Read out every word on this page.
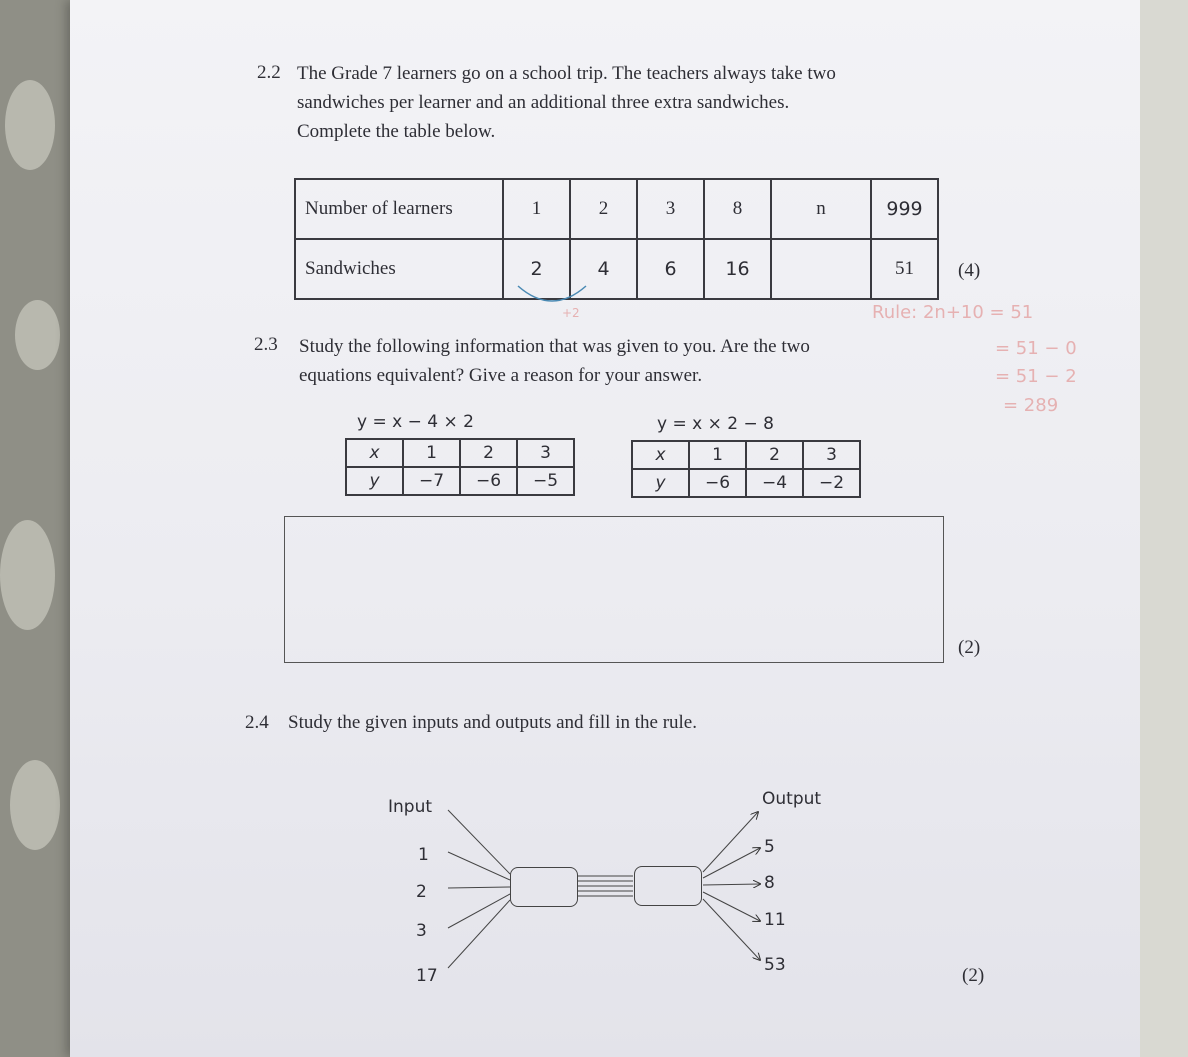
2.2 The Grade 7 learners go on a school trip. The teachers always take two
sandwiches per learner and an additional three extra sandwiches.
Complete the table below.
Number of learners	1	2	3	8	n	999
Sandwiches	2	4	6	16		51 (4)
+2	Rule: 2n+10 = 51
= 51 − 0
= 51 − 2
= 289
2.3 Study the following information that was given to you. Are the two
equations equivalent? Give a reason for your answer.
y = x − 4 × 2	y = x × 2 − 8
x	1	2	3
y	−7	−6	−5
x	1	2	3
y	−6	−4	−2
(2)
2.4 Study the given inputs and outputs and fill in the rule.
Input	Output
1
2
3
17
5
8
11
53	(2)
